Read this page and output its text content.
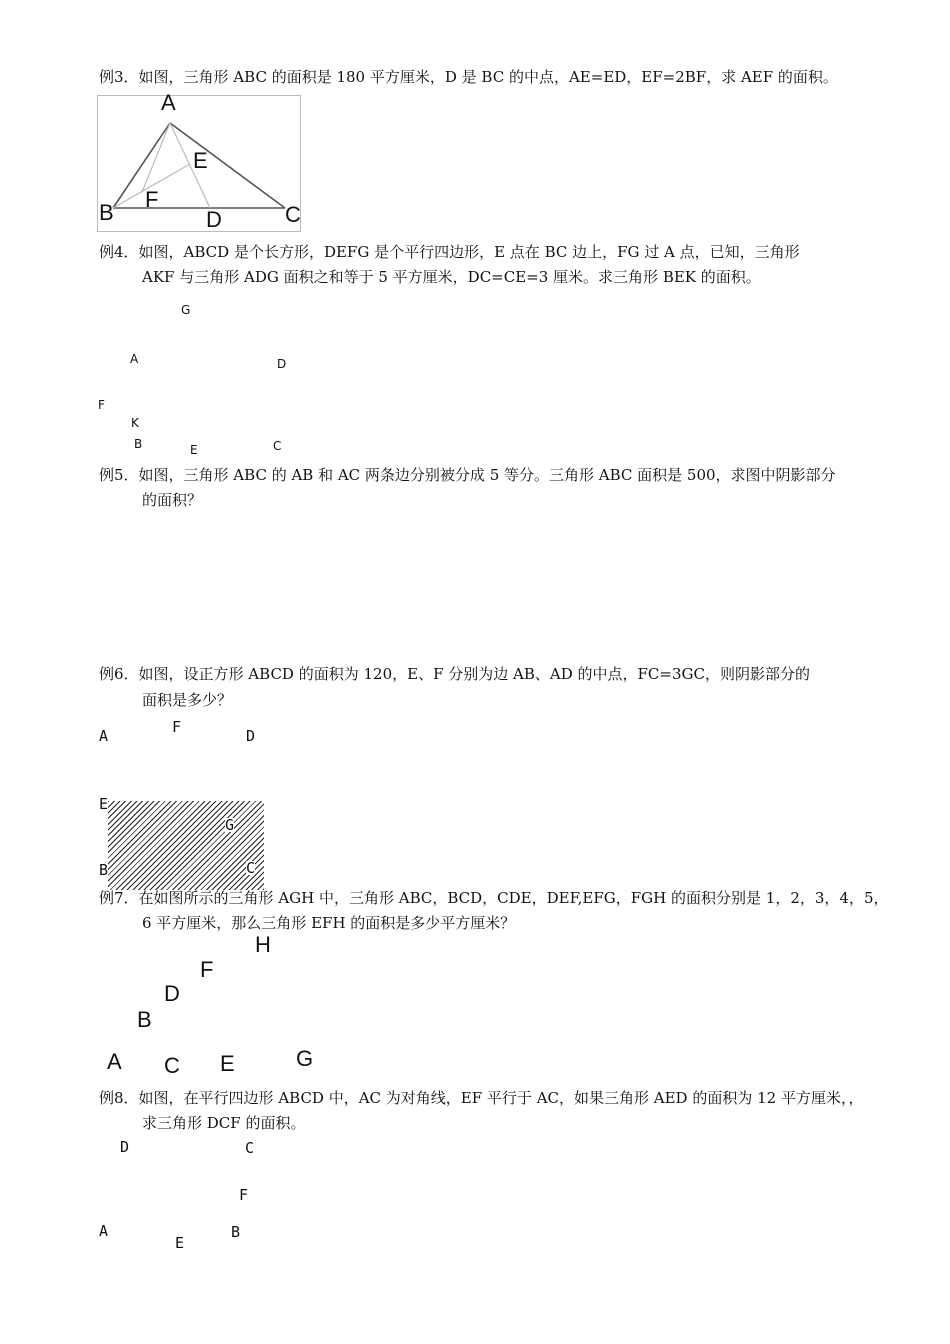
例3．如图，三角形 ABC 的面积是 180 平方厘米，D 是 BC 的中点，AE=ED，EF=2BF，求 AEF 的面积。
A
E
B
F
D	C
例4．如图，ABCD 是个长方形，DEFG 是个平行四边形，E 点在 BC 边上，FG 过 A 点，已知，三角形
AKF 与三角形 ADG 面积之和等于 5 平方厘米，DC=CE=3 厘米。求三角形 BEK 的面积。
G
A	D
F
K
B	E	C
例5．如图，三角形 ABC 的 AB 和 AC 两条边分别被分成 5 等分。三角形 ABC 面积是 500，求图中阴影部分
的面积？
例6．如图，设正方形 ABCD 的面积为 120，E、F 分别为边 AB、AD 的中点，FC=3GC，则阴影部分的
面积是多少？
A	F	D
E
G
B	C
例7．在如图所示的三角形 AGH 中，三角形 ABC，BCD，CDE，DEF,EFG，FGH 的面积分别是 1，2，3，4，5，
6 平方厘米，那么三角形 EFH 的面积是多少平方厘米？
H
F
D
B
A C E	G
例8．如图，在平行四边形 ABCD 中，AC 为对角线，EF 平行于 AC，如果三角形 AED 的面积为 12 平方厘米，，
求三角形 DCF 的面积。
D	C
F
A
E
B
